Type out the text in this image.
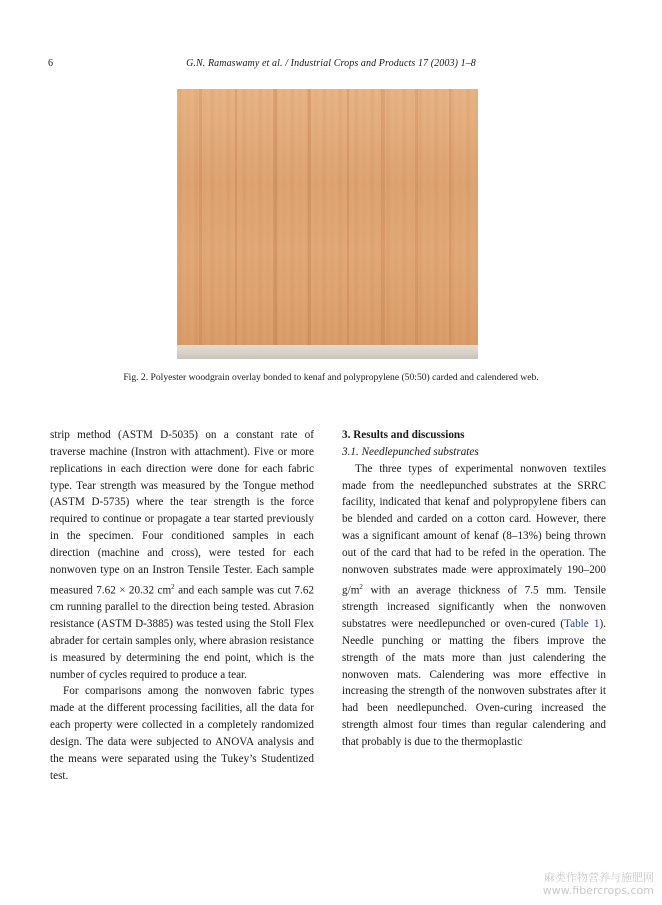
6	G.N. Ramaswamy et al. / Industrial Crops and Products 17 (2003) 1–8
Fig. 2. Polyester woodgrain overlay bonded to kenaf and polypropylene (50:50) carded and calendered web.

strip method (ASTM D-5035) on a constant rate of traverse machine (Instron with attachment). Five or more replications in each direction were done for each fabric type. Tear strength was measured by the Tongue method (ASTM D-5735) where the tear strength is the force required to continue or propagate a tear started previously in the specimen. Four conditioned samples in each direction (machine and cross), were tested for each nonwoven type on an Instron Tensile Tester. Each sample measured 7.62 × 20.32 $cm^2$ and each sample was cut 7.62 cm running parallel to the direction being tested. Abrasion resistance (ASTM D-3885) was tested using the Stoll Flex abrader for certain samples only, where abrasion resistance is measured by determining the end point, which is the number of cycles required to produce a tear.

For comparisons among the nonwoven fabric types made at the different processing facilities, all the data for each property were collected in a completely randomized design. The data were subjected to ANOVA analysis and the means were separated using the Tukey’s Studentized test.

3. Results and discussions

3.1. Needlepunched substrates

The three types of experimental nonwoven textiles made from the needlepunched substrates at the SRRC facility, indicated that kenaf and polypropylene fibers can be blended and carded on a cotton card. However, there was a significant amount of kenaf (8–13%) being thrown out of the card that had to be refed in the operation. The nonwoven substrates made were approximately 190–200 $g/m^2$ with an average thickness of 7.5 mm. Tensile strength increased significantly when the nonwoven substatres were needlepunched or oven-cured (Table 1). Needle punching or matting the fibers improve the strength of the mats more than just calendering the nonwoven mats. Calendering was more effective in increasing the strength of the nonwoven substrates after it had been needlepunched. Oven-curing increased the strength almost four times than regular calendering and that probably is due to the thermoplastic

麻类作物营养与施肥网
www.fibercrops.com
